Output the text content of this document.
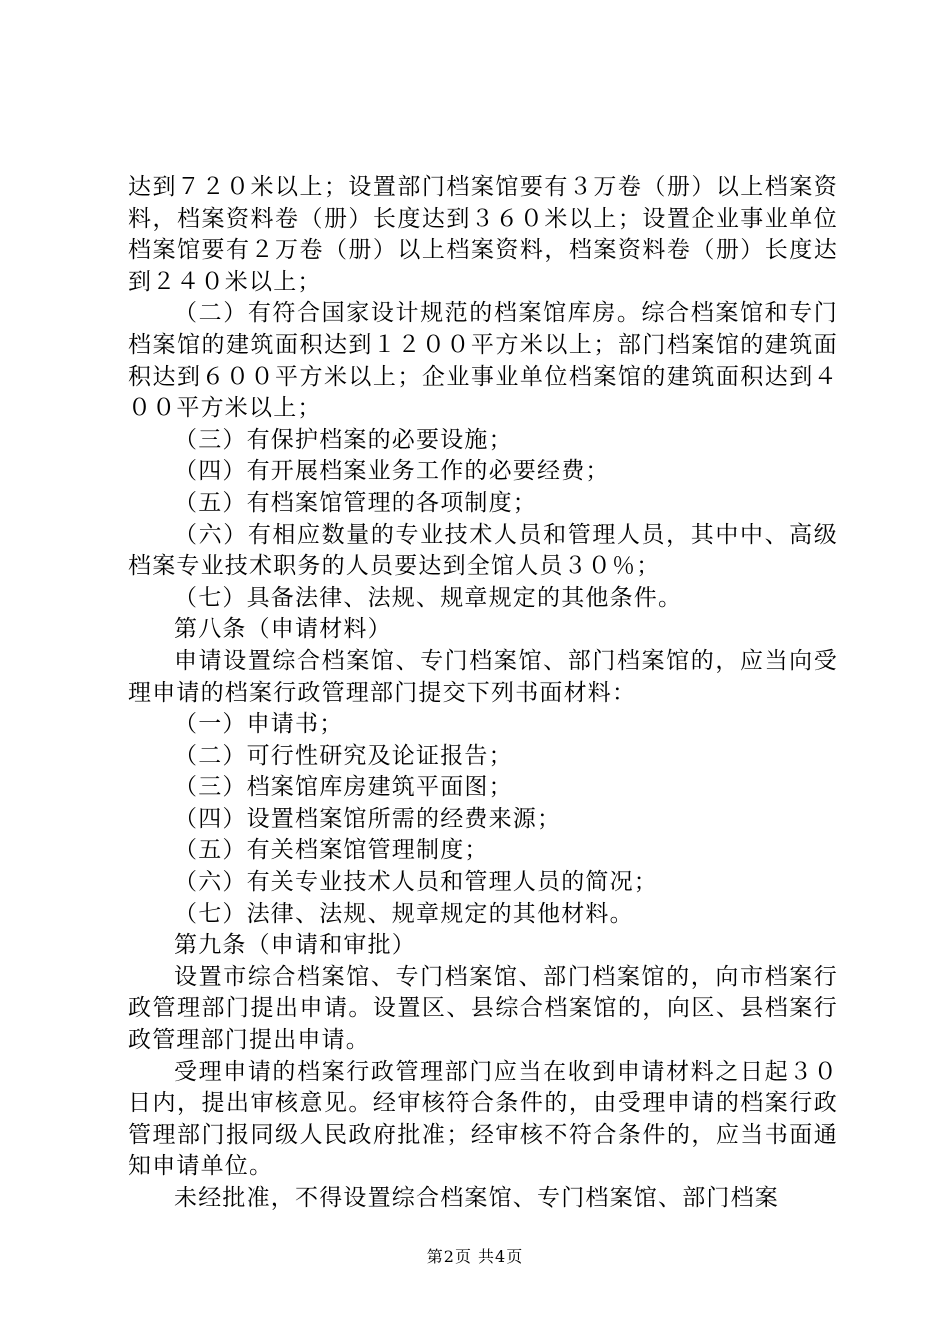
达到７２０米以上；设置部门档案馆要有３万卷（册）以上档案资料，档案资料卷（册）长度达到３６０米以上；设置企业事业单位档案馆要有２万卷（册）以上档案资料，档案资料卷（册）长度达到２４０米以上；

（二）有符合国家设计规范的档案馆库房。综合档案馆和专门档案馆的建筑面积达到１２００平方米以上；部门档案馆的建筑面积达到６００平方米以上；企业事业单位档案馆的建筑面积达到４００平方米以上；

（三）有保护档案的必要设施；

（四）有开展档案业务工作的必要经费；

（五）有档案馆管理的各项制度；

（六）有相应数量的专业技术人员和管理人员，其中中、高级档案专业技术职务的人员要达到全馆人员３０％；

（七）具备法律、法规、规章规定的其他条件。

第八条（申请材料）

申请设置综合档案馆、专门档案馆、部门档案馆的，应当向受理申请的档案行政管理部门提交下列书面材料：

（一）申请书；

（二）可行性研究及论证报告；

（三）档案馆库房建筑平面图；

（四）设置档案馆所需的经费来源；

（五）有关档案馆管理制度；

（六）有关专业技术人员和管理人员的简况；

（七）法律、法规、规章规定的其他材料。

第九条（申请和审批）

设置市综合档案馆、专门档案馆、部门档案馆的，向市档案行政管理部门提出申请。设置区、县综合档案馆的，向区、县档案行政管理部门提出申请。

受理申请的档案行政管理部门应当在收到申请材料之日起３０日内，提出审核意见。经审核符合条件的，由受理申请的档案行政管理部门报同级人民政府批准；经审核不符合条件的，应当书面通知申请单位。

未经批准，不得设置综合档案馆、专门档案馆、部门档案

第2页 共4页
